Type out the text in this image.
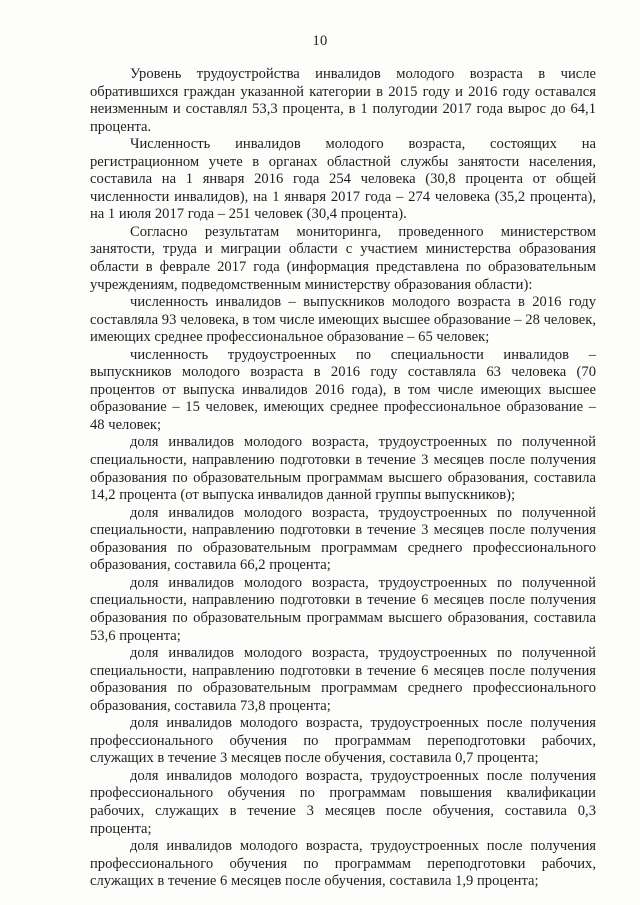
10

Уровень трудоустройства инвалидов молодого возраста в числе обратившихся граждан указанной категории в 2015 году и 2016 году оставался неизменным и составлял 53,3 процента, в 1 полугодии 2017 года вырос до 64,1 процента.

Численность инвалидов молодого возраста, состоящих на регистрационном учете в органах областной службы занятости населения, составила на 1 января 2016 года 254 человека (30,8 процента от общей численности инвалидов), на 1 января 2017 года – 274 человека (35,2 процента), на 1 июля 2017 года – 251 человек (30,4 процента).

Согласно результатам мониторинга, проведенного министерством занятости, труда и миграции области с участием министерства образования области в феврале 2017 года (информация представлена по образовательным учреждениям, подведомственным министерству образования области):

численность инвалидов – выпускников молодого возраста в 2016 году составляла 93 человека, в том числе имеющих высшее образование – 28 человек, имеющих среднее профессиональное образование – 65 человек;

численность трудоустроенных по специальности инвалидов – выпускников молодого возраста в 2016 году составляла 63 человека (70 процентов от выпуска инвалидов 2016 года), в том числе имеющих высшее образование – 15 человек, имеющих среднее профессиональное образование – 48 человек;

доля инвалидов молодого возраста, трудоустроенных по полученной специальности, направлению подготовки в течение 3 месяцев после получения образования по образовательным программам высшего образования, составила 14,2 процента (от выпуска инвалидов данной группы выпускников);

доля инвалидов молодого возраста, трудоустроенных по полученной специальности, направлению подготовки в течение 3 месяцев после получения образования по образовательным программам среднего профессионального образования, составила 66,2 процента;

доля инвалидов молодого возраста, трудоустроенных по полученной специальности, направлению подготовки в течение 6 месяцев после получения образования по образовательным программам высшего образования, составила 53,6 процента;

доля инвалидов молодого возраста, трудоустроенных по полученной специальности, направлению подготовки в течение 6 месяцев после получения образования по образовательным программам среднего профессионального образования, составила 73,8 процента;

доля инвалидов молодого возраста, трудоустроенных после получения профессионального обучения по программам переподготовки рабочих, служащих в течение 3 месяцев после обучения, составила 0,7 процента;

доля инвалидов молодого возраста, трудоустроенных после получения профессионального обучения по программам повышения квалификации рабочих, служащих в течение 3 месяцев после обучения, составила 0,3 процента;

доля инвалидов молодого возраста, трудоустроенных после получения профессионального обучения по программам переподготовки рабочих, служащих в течение 6 месяцев после обучения, составила 1,9 процента;
